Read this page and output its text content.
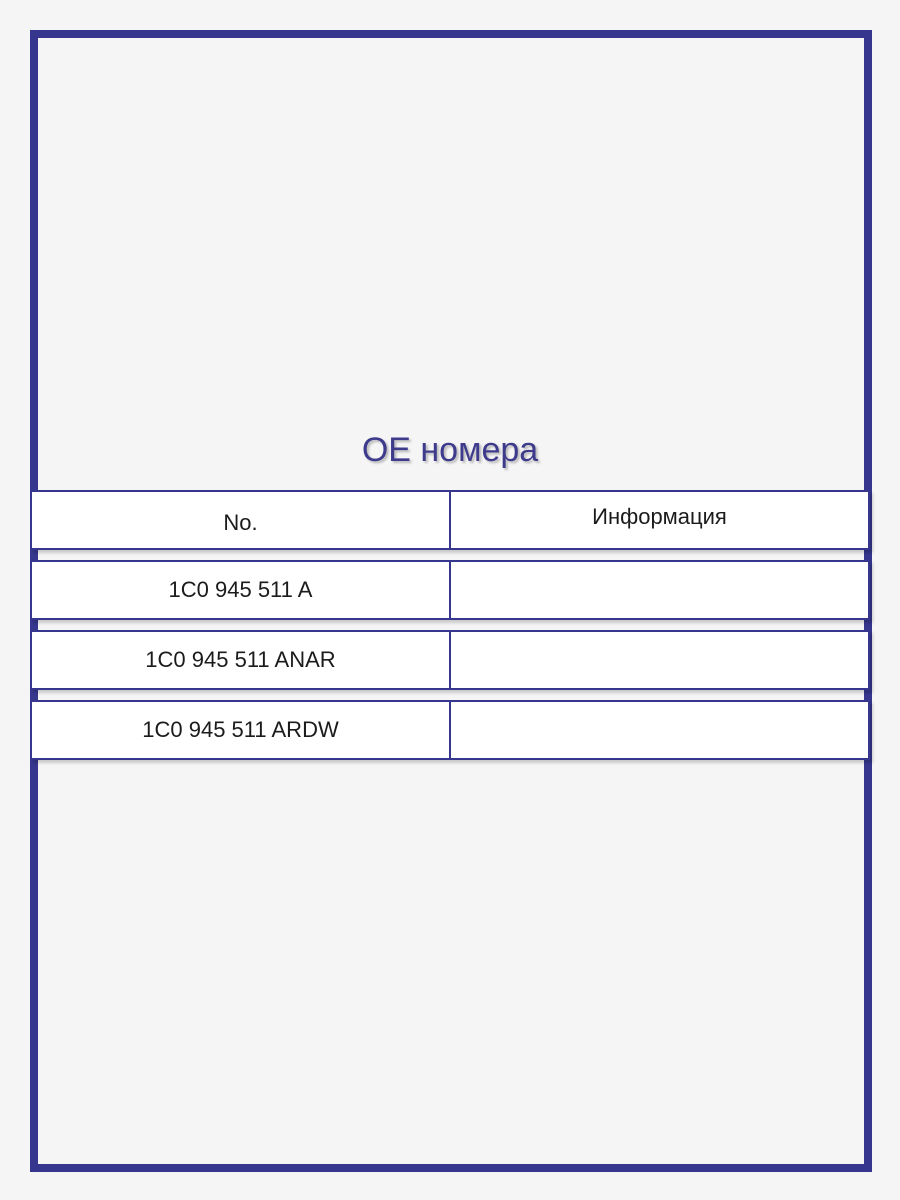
OE номера
No.	Информация
1C0 945 511 A
1C0 945 511 ANAR
1C0 945 511 ARDW
